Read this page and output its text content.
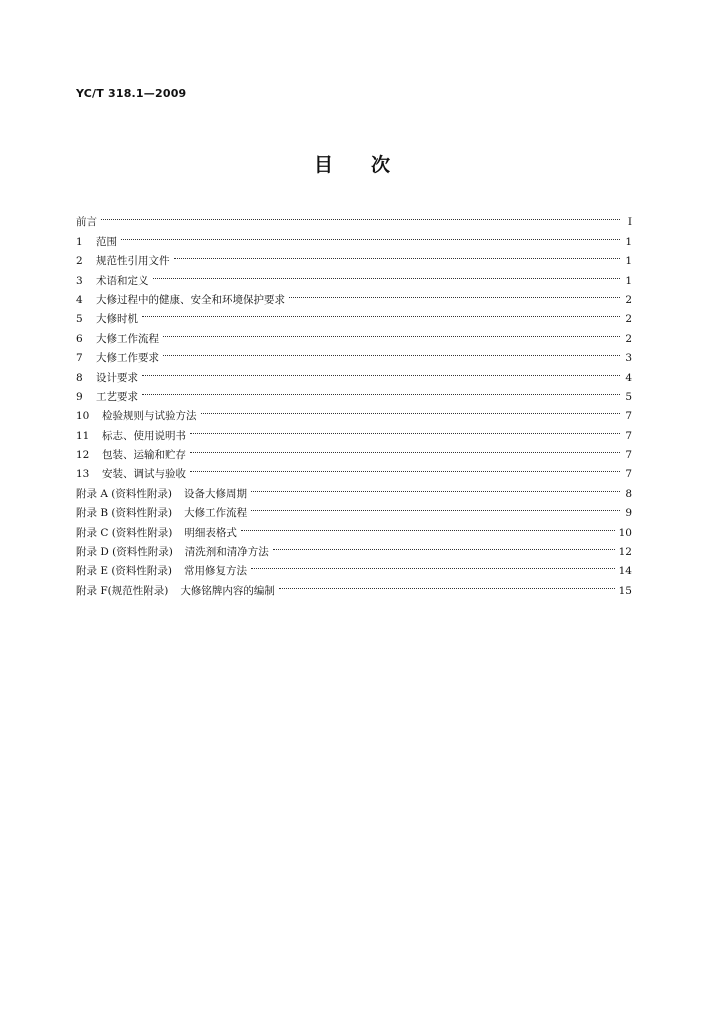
YC/T 318.1—2009
目 次
前言	I
1	范围	1
2	规范性引用文件	1
3	术语和定义	1
4	大修过程中的健康、安全和环境保护要求	2
5	大修时机	2
6	大修工作流程	2
7	大修工作要求	3
8	设计要求	4
9	工艺要求	5
10	检验规则与试验方法	7
11	标志、使用说明书	7
12	包装、运输和贮存	7
13	安装、调试与验收	7
附录 A (资料性附录) 设备大修周期	8
附录 B (资料性附录) 大修工作流程	9
附录 C (资料性附录) 明细表格式	10
附录 D (资料性附录) 清洗剂和清净方法	12
附录 E (资料性附录) 常用修复方法	14
附录 F(规范性附录) 大修铭牌内容的编制	15
